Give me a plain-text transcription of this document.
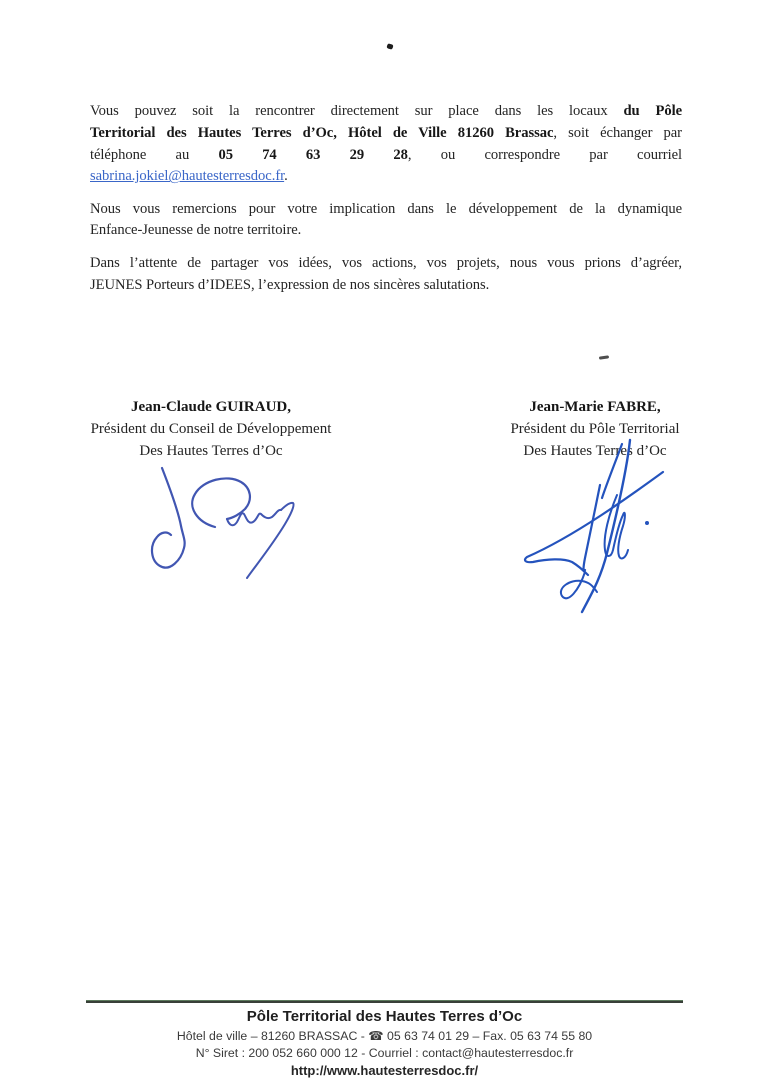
Vous pouvez soit la rencontrer directement sur place dans les locaux du Pôle
Territorial des Hautes Terres d’Oc, Hôtel de Ville 81260 Brassac, soit échanger par
téléphone au 05 74 63 29 28, ou correspondre par courriel
sabrina.jokiel@hautesterresdoc.fr.
Nous vous remercions pour votre implication dans le développement de la dynamique
Enfance-Jeunesse de notre territoire.
Dans l’attente de partager vos idées, vos actions, vos projets, nous vous prions d’agréer,
JEUNES Porteurs d’IDEES, l’expression de nos sincères salutations.
Jean-Claude GUIRAUD,
Président du Conseil de Développement
Des Hautes Terres d’Oc
Jean-Marie FABRE,
Président du Pôle Territorial
Des Hautes Terres d’Oc
Pôle Territorial des Hautes Terres d’Oc
Hôtel de ville – 81260 BRASSAC - ☎ 05 63 74 01 29 – Fax. 05 63 74 55 80
N° Siret : 200 052 660 000 12 - Courriel : contact@hautesterresdoc.fr
http://www.hautesterresdoc.fr/
